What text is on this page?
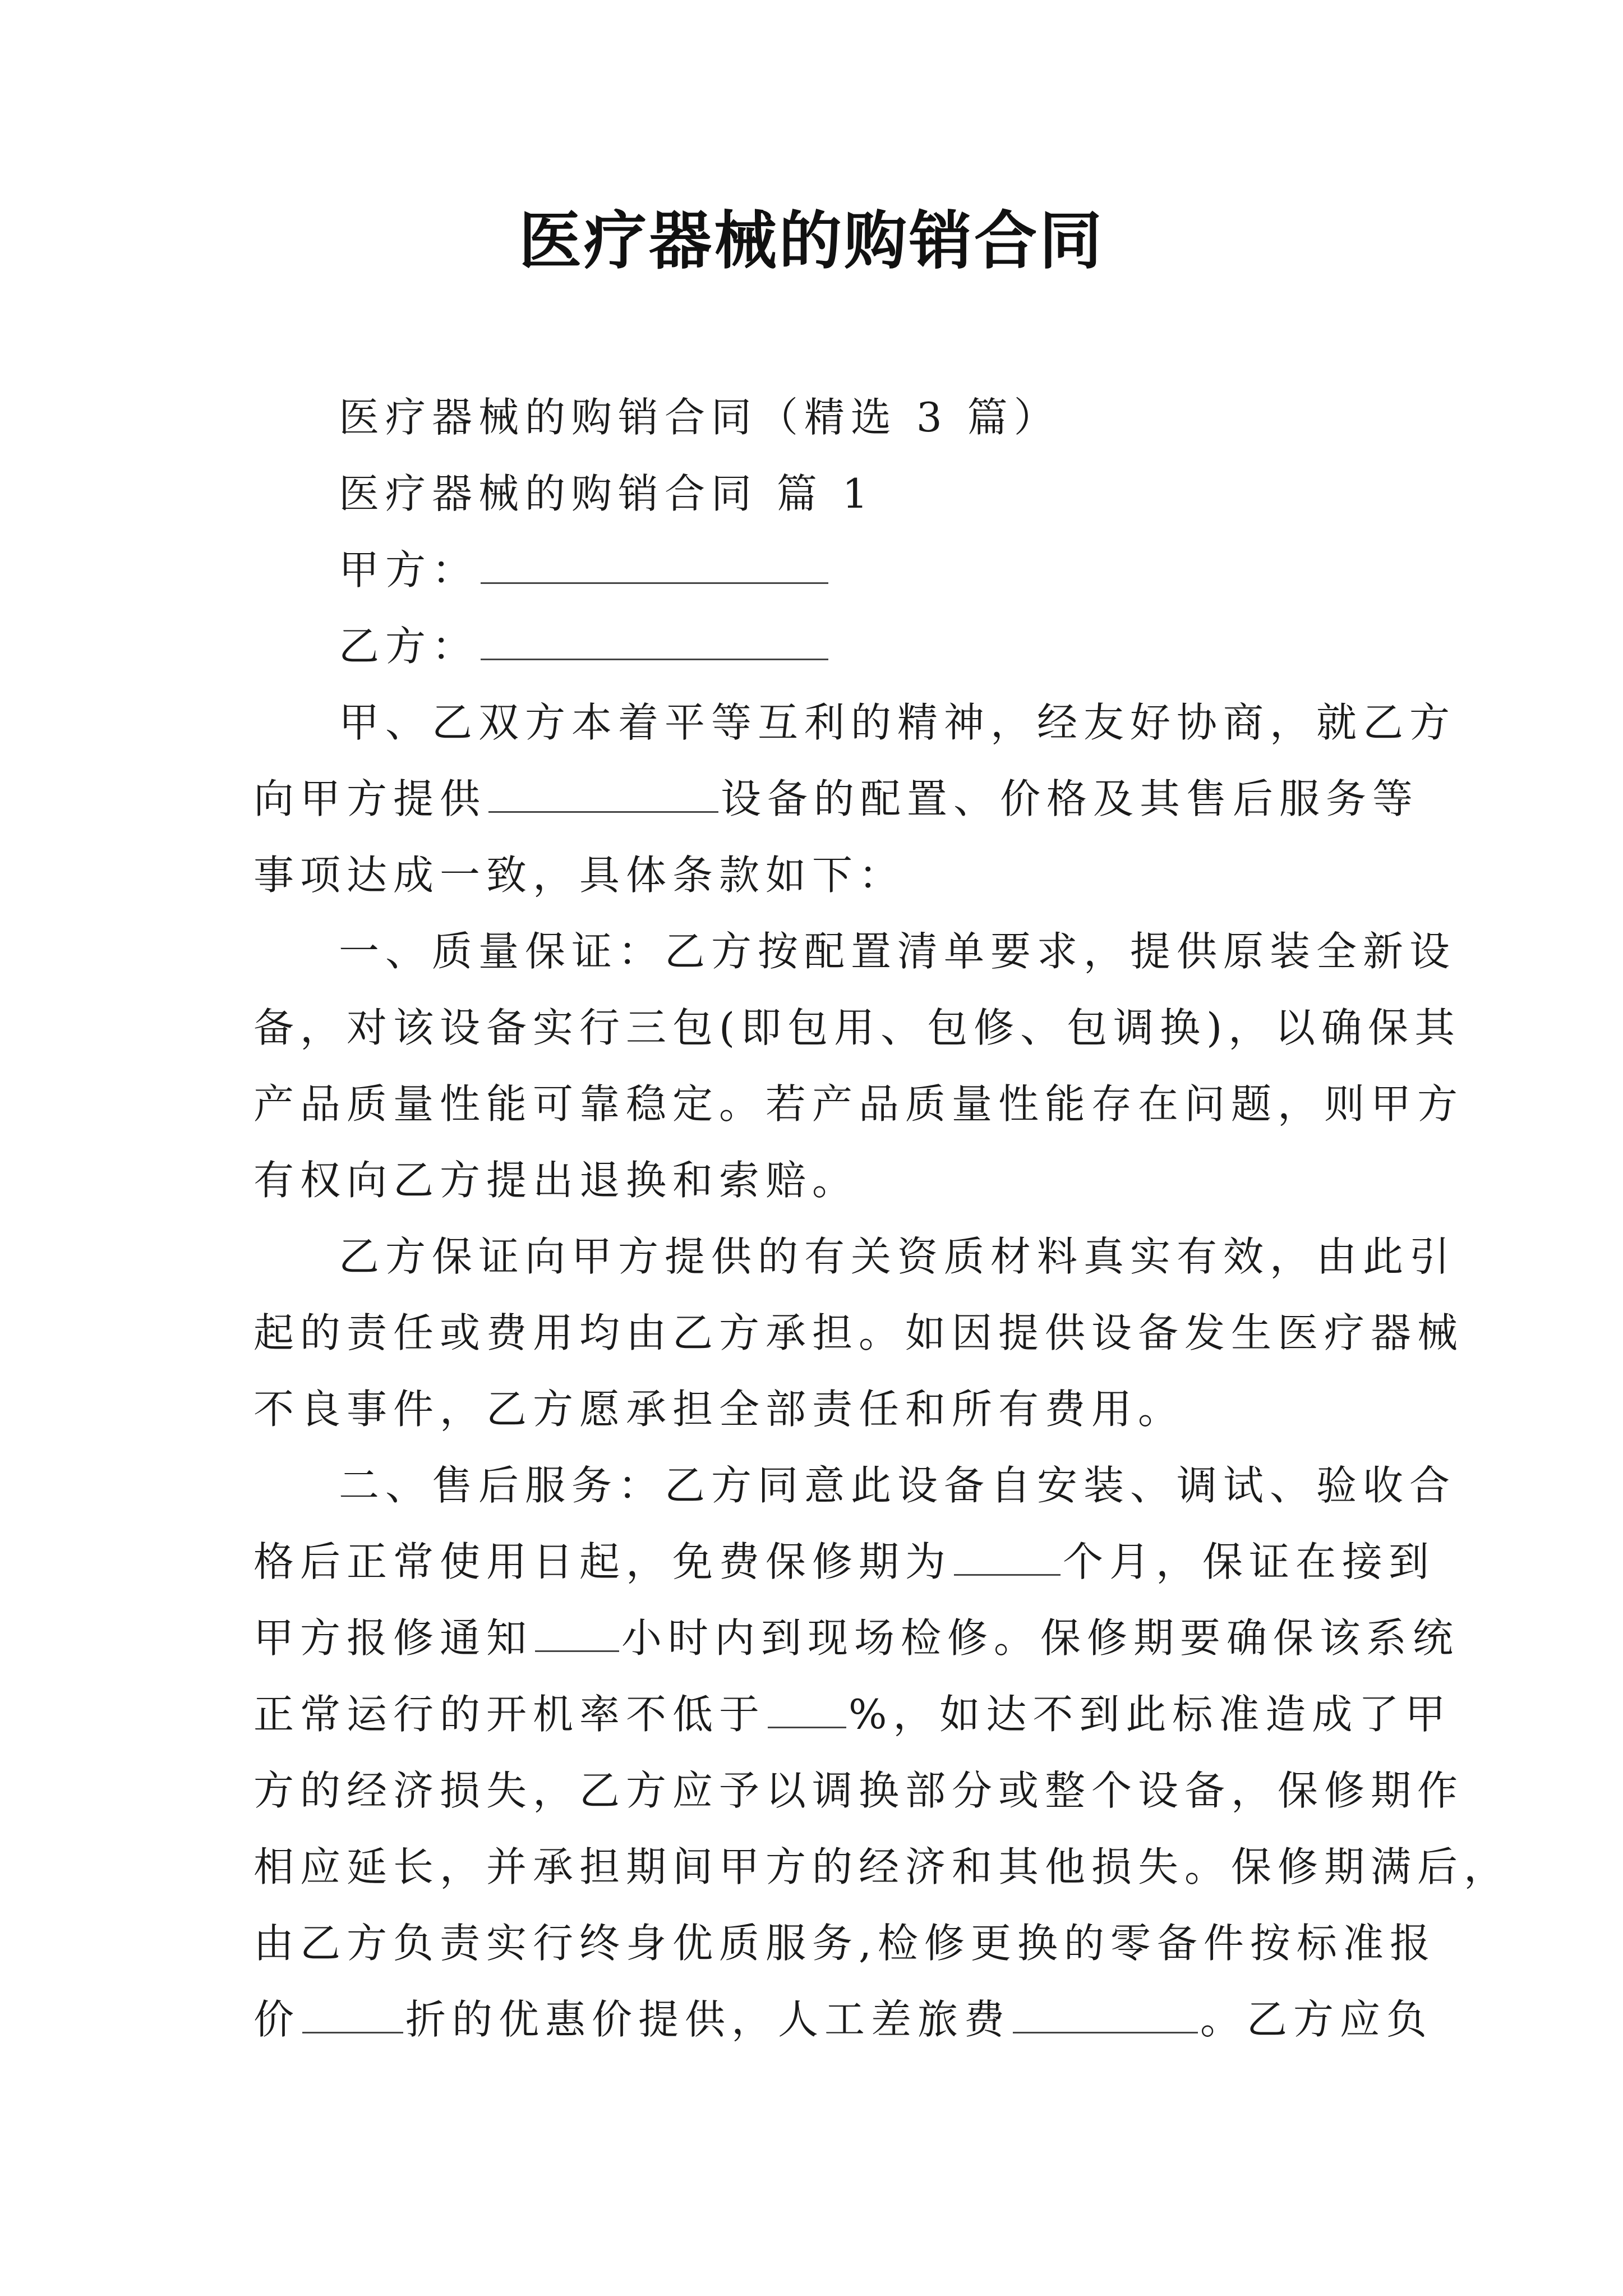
医疗器械的购销合同
医疗器械的购销合同（精选 3 篇）
医疗器械的购销合同 篇 1
甲方：
乙方：
甲、乙双方本着平等互利的精神，经友好协商，就乙方
向甲方提供	设备的配置、价格及其售后服务等
事项达成一致，具体条款如下：
一、质量保证：乙方按配置清单要求，提供原装全新设
备，对该设备实行三包(即包用、包修、包调换)，以确保其
产品质量性能可靠稳定。若产品质量性能存在问题，则甲方
有权向乙方提出退换和索赔。
乙方保证向甲方提供的有关资质材料真实有效，由此引
起的责任或费用均由乙方承担。如因提供设备发生医疗器械
不良事件，乙方愿承担全部责任和所有费用。
二、售后服务：乙方同意此设备自安装、调试、验收合
格后正常使用日起，免费保修期为	个月，保证在接到
甲方报修通知 小时内到现场检修。保修期要确保该系统
正常运行的开机率不低于 %，如达不到此标准造成了甲
方的经济损失，乙方应予以调换部分或整个设备，保修期作
相应延长，并承担期间甲方的经济和其他损失。保修期满后，
由乙方负责实行终身优质服务,检修更换的零备件按标准报
价	折的优惠价提供，人工差旅费	。乙方应负
